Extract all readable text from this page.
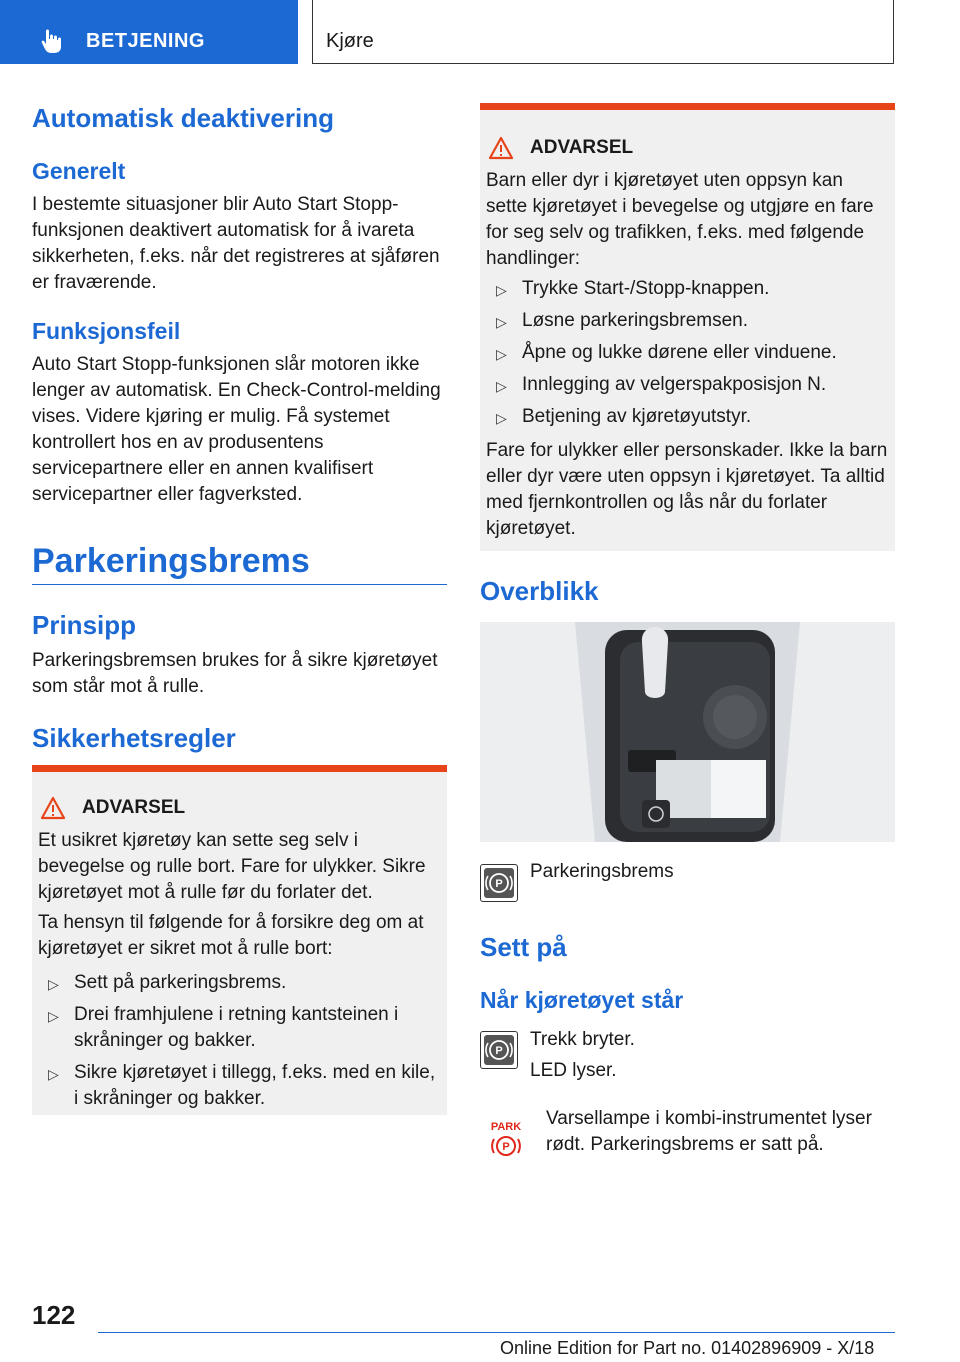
BETJENING	Kjøre
Automatisk deaktivering
Generelt
I bestemte situasjoner blir Auto Start Stopp-funksjonen deaktivert automatisk for å ivareta sikkerheten, f.eks. når det registreres at sjåføren er fraværende.
Funksjonsfeil
Auto Start Stopp-funksjonen slår motoren ikke lenger av automatisk. En Check-Control-melding vises. Videre kjøring er mulig. Få systemet kontrollert hos en av produsentens servicepartnere eller en annen kvalifisert servicepartner eller fagverksted.
Parkeringsbrems
Prinsipp
Parkeringsbremsen brukes for å sikre kjøretøyet som står mot å rulle.
Sikkerhetsregler
ADVARSEL
Et usikret kjøretøy kan sette seg selv i bevegelse og rulle bort. Fare for ulykker. Sikre kjøretøyet mot å rulle før du forlater det.
Ta hensyn til følgende for å forsikre deg om at kjøretøyet er sikret mot å rulle bort:
▷ Sett på parkeringsbrems.
▷ Drei framhjulene i retning kantsteinen i skråninger og bakker.
▷ Sikre kjøretøyet i tillegg, f.eks. med en kile, i skråninger og bakker.
ADVARSEL
Barn eller dyr i kjøretøyet uten oppsyn kan sette kjøretøyet i bevegelse og utgjøre en fare for seg selv og trafikken, f.eks. med følgende handlinger:
▷ Trykke Start-/Stopp-knappen.
▷ Løsne parkeringsbremsen.
▷ Åpne og lukke dørene eller vinduene.
▷ Innlegging av velgerspakposisjon N.
▷ Betjening av kjøretøyutstyr.
Fare for ulykker eller personskader. Ikke la barn eller dyr være uten oppsyn i kjøretøyet. Ta alltid med fjernkontrollen og lås når du forlater kjøretøyet.
Overblikk
P
Parkeringsbrems
Sett på
Når kjøretøyet står
P
Trekk bryter.
LED lyser.
PARK
P
Varsellampe i kombi-instrumentet lyser rødt. Parkeringsbrems er satt på.
122
Online Edition for Part no. 01402896909 - X/18
